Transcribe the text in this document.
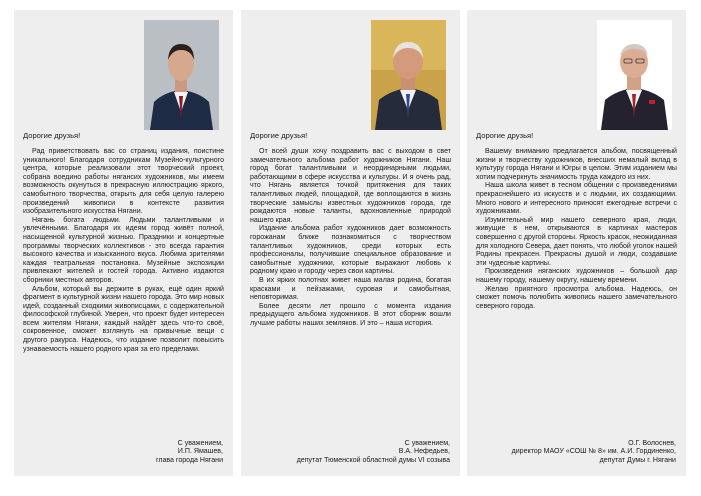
Дорогие друзья!

Рад приветствовать вас со страниц издания, поистине уникального! Благодаря сотрудникам Музейно-культурного центра, которые реализовали этот творческий проект, собрана воедино работы нягансих художников, мы имеем возможность окунуться в прекрасную иллюстрацию яркого, самобытного творчества, открыть для себя целую галерею произведений живописи в контексте развития изобразительного искусства Нягани.

Нягань богата людьми. Людьми талантливыми и увлечёнными. Благодаря их идеям город живёт полной, насыщенной культурной жизнью. Праздники и концертные программы творческих коллективов - это всегда гарантия высокого качества и изысканного вкуса. Любима зрителями каждая театральная постановка. Музейные экспозиции привлекают жителей и гостей города. Активно издаются сборники местных авторов.

Альбом, который вы держите в руках, ещё один яркий фрагмент в культурной жизни нашего города. Это мир новых идей, созданный сходкими живописцами, с содержательной философской глубиной. Уверен, что проект будет интересен всем жителям Нягани, каждый найдёт здесь что-то своё, сокровенное, сможет взглянуть на привычные вещи с другого ракурса. Надеюсь, что издание позволит повысить узнаваемость нашего родного края за его пределами.

С уважением,
И.П. Ямашев,
глава города Нягани
Дорогие друзья!

От всей души хочу поздравить вас с выходом в свет замечательного альбома работ художников Нягани. Наш город богат талантливыми и неординарными людьми, работающими в сфере искусства и культуры. И я очень рад, что Нягань является точкой притяжения для таких талантливых людей, площадкой, где воплощаются в жизнь творческие замыслы известных художников города, где рождаются новые таланты, вдохновленные природой нашего края.

Издание альбома работ художников дает возможность горожанам ближе познакомиться с творчеством талантливых художников, среди которых есть профессионалы, получившие специальное образование и самобытные художники, которые выражают любовь к родному краю и городу через свои картины.

В их ярких полотнах живет наша малая родина, богатая красками и пейзажами, суровая и самобытная, неповторимая.

Более десяти лет прошло с момента издания предыдущего альбома художников. В этот сборник вошли лучшие работы наших земляков. И это – наша история.

С уважением,
В.А. Нефедьев,
депутат Тюменской областной думы VI созыва
Дорогие друзья!

Вашему вниманию предлагается альбом, посвященный жизни и творчеству художников, внесших немалый вклад в культуру города Нягани и Югры в целом. Этим изданием мы хотим подчеркнуть значимость труда каждого из них.

Наша школа живет в тесном общении с произведениями прекраснейшего из искусств и с людьми, их создающими. Много нового и интересного приносят ежегодные встречи с художниками.

Изумительный мир нашего северного края, люди, живущие в нем, открываются в картинах мастеров совершенно с другой стороны. Яркость красок, неожиданная для холодного Севера, дает понять, что любой уголок нашей Родины прекрасен. Прекрасны душой и люди, создавшие эти чудесные картины.

Произведения няганских художников – большой дар нашему городу, нашему округу, нашему времени.

Желаю приятного просмотра альбома. Надеюсь, он сможет помочь полюбить живопись нашего замечательного северного города.

О.Г. Волоснев,
директор МАОУ «СОШ № 8» им. А.И. Гординенко,
депутат Думы г. Нягани
